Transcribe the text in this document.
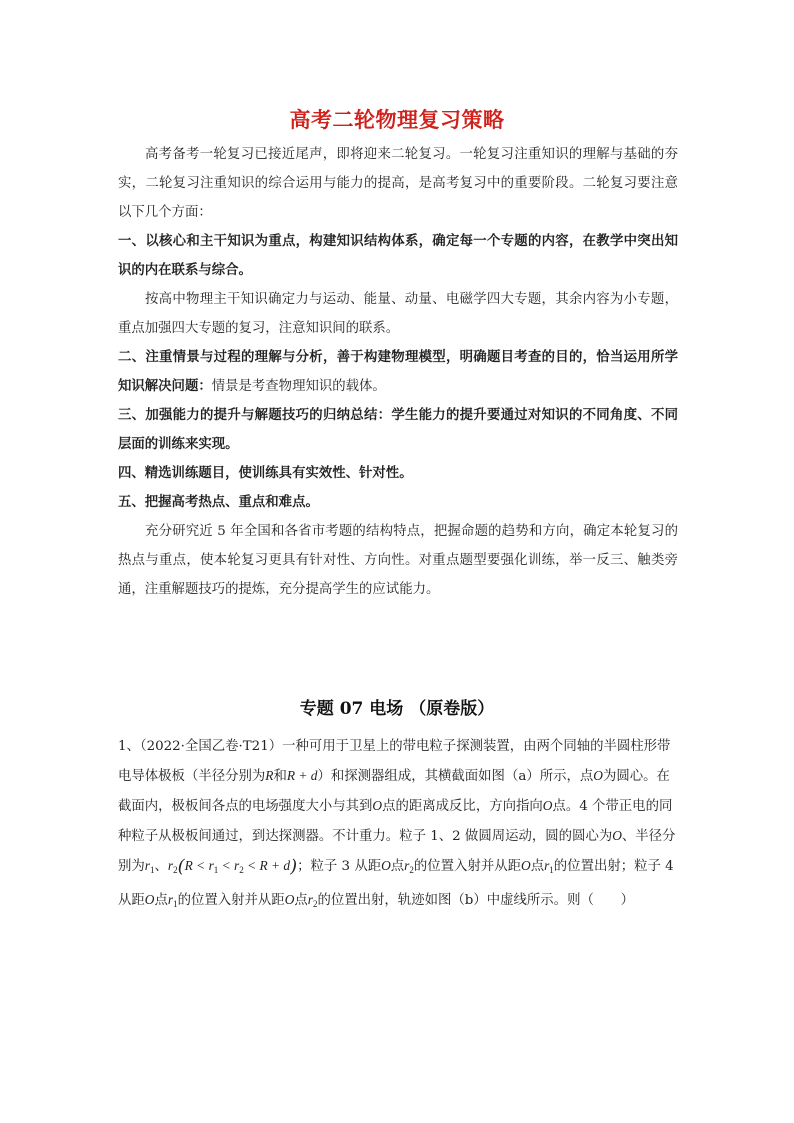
高考二轮物理复习策略

高考备考一轮复习已接近尾声，即将迎来二轮复习。一轮复习注重知识的理解与基础的夯实，二轮复习注重知识的综合运用与能力的提高，是高考复习中的重要阶段。二轮复习要注意以下几个方面：

一、以核心和主干知识为重点，构建知识结构体系，确定每一个专题的内容，在教学中突出知识的内在联系与综合。

按高中物理主干知识确定力与运动、能量、动量、电磁学四大专题，其余内容为小专题，重点加强四大专题的复习，注意知识间的联系。

二、注重情景与过程的理解与分析，善于构建物理模型，明确题目考查的目的，恰当运用所学知识解决问题：情景是考查物理知识的载体。

三、加强能力的提升与解题技巧的归纳总结：学生能力的提升要通过对知识的不同角度、不同层面的训练来实现。

四、精选训练题目，使训练具有实效性、针对性。

五、把握高考热点、重点和难点。

充分研究近 5 年全国和各省市考题的结构特点，把握命题的趋势和方向，确定本轮复习的热点与重点，使本轮复习更具有针对性、方向性。对重点题型要强化训练，举一反三、触类旁通，注重解题技巧的提炼，充分提高学生的应试能力。

专题 07 电场 （原卷版）

1、（2022·全国乙卷·T21）一种可用于卫星上的带电粒子探测装置，由两个同轴的半圆柱形带电导体极板（半径分别为R和R + d）和探测器组成，其横截面如图（a）所示，点O为圆心。在截面内，极板间各点的电场强度大小与其到O点的距离成反比，方向指向O点。4 个带正电的同种粒子从极板间通过，到达探测器。不计重力。粒子 1、2 做圆周运动，圆的圆心为O、半径分别为$r_1$、$r_2(R < r_1 < r_2 < R + d)$；粒子 3 从距O点$r_2$的位置入射并从距O点$r_1$的位置出射；粒子 4 从距O点$r_1$的位置入射并从距O点$r_2$的位置出射，轨迹如图（b）中虚线所示。则（　　）
